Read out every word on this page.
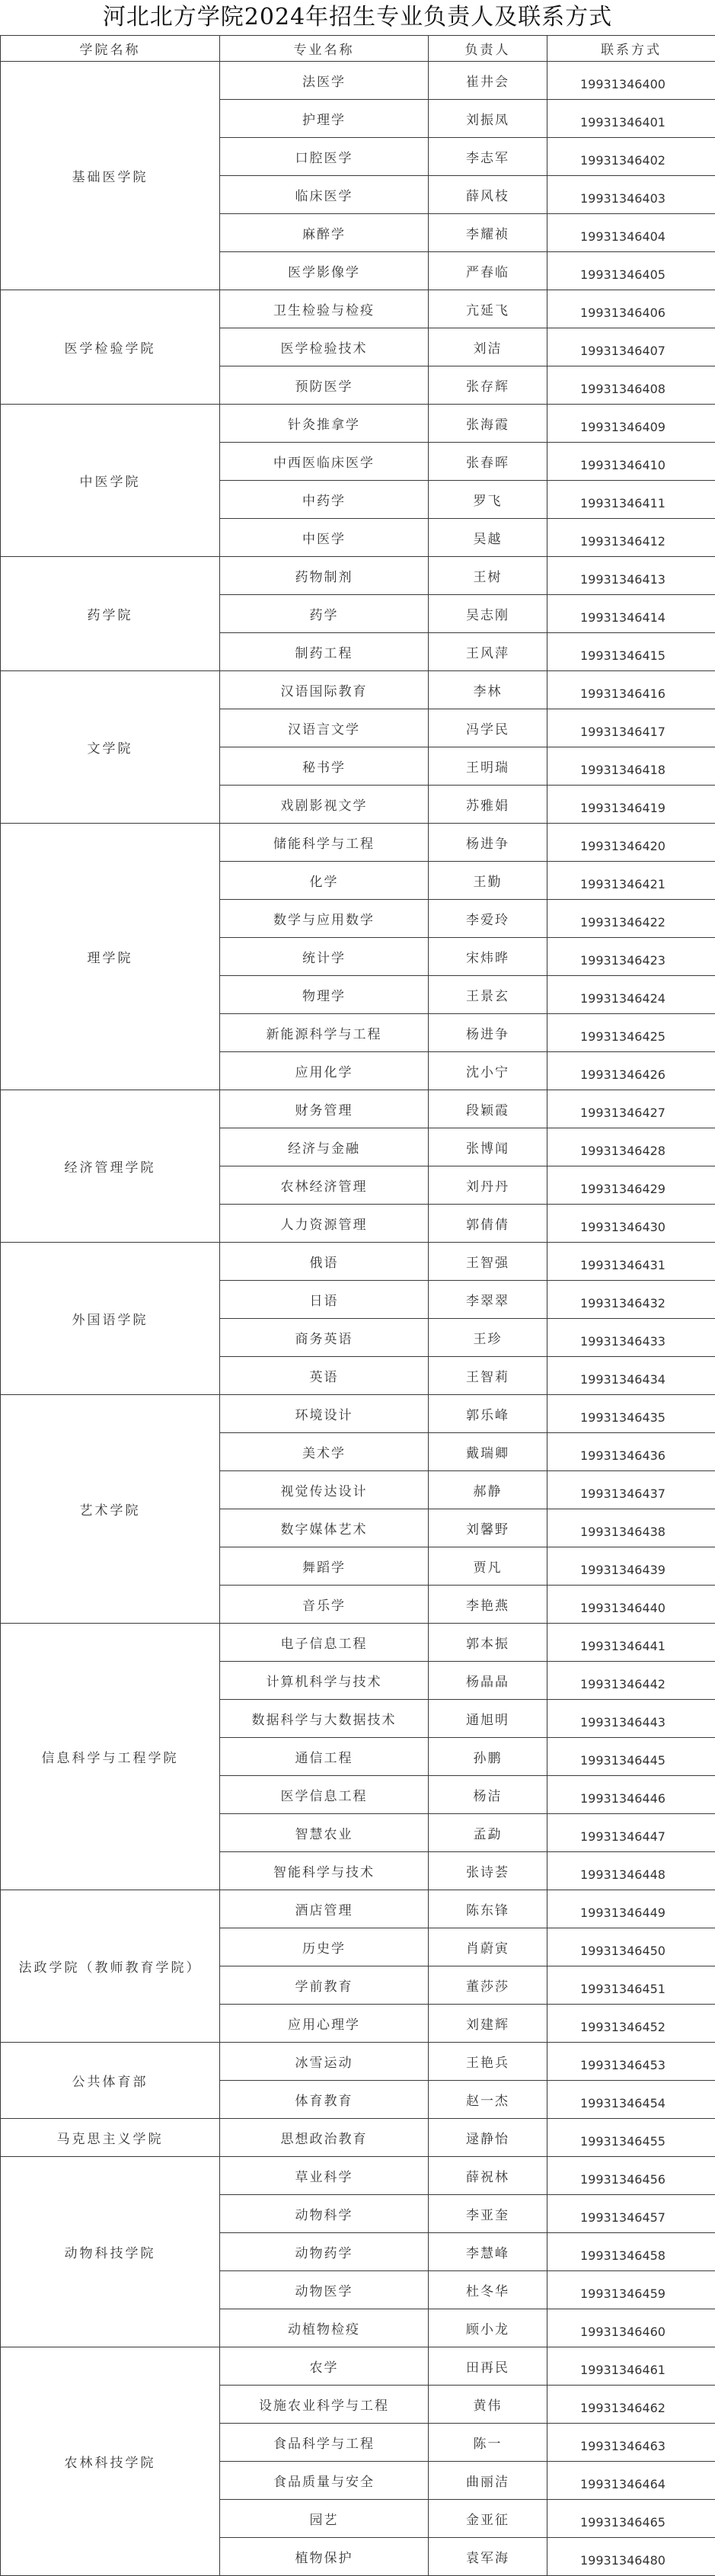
河北北方学院2024年招生专业负责人及联系方式
学院名称	专业名称	负责人	联系方式
基础医学院	法医学	崔井会	19931346400
	护理学	刘振凤	19931346401
	口腔医学	李志军	19931346402
	临床医学	薛风枝	19931346403
	麻醉学	李耀祯	19931346404
	医学影像学	严春临	19931346405
医学检验学院	卫生检验与检疫	亢延飞	19931346406
	医学检验技术	刘洁	19931346407
	预防医学	张存辉	19931346408
中医学院	针灸推拿学	张海霞	19931346409
	中西医临床医学	张春晖	19931346410
	中药学	罗飞	19931346411
	中医学	吴越	19931346412
药学院	药物制剂	王树	19931346413
	药学	吴志刚	19931346414
	制药工程	王风萍	19931346415
文学院	汉语国际教育	李林	19931346416
	汉语言文学	冯学民	19931346417
	秘书学	王明瑞	19931346418
	戏剧影视文学	苏雅娟	19931346419
理学院	储能科学与工程	杨进争	19931346420
	化学	王勤	19931346421
	数学与应用数学	李爱玲	19931346422
	统计学	宋炜晔	19931346423
	物理学	王景玄	19931346424
	新能源科学与工程	杨进争	19931346425
	应用化学	沈小宁	19931346426
经济管理学院	财务管理	段颖霞	19931346427
	经济与金融	张博闻	19931346428
	农林经济管理	刘丹丹	19931346429
	人力资源管理	郭倩倩	19931346430
外国语学院	俄语	王智强	19931346431
	日语	李翠翠	19931346432
	商务英语	王珍	19931346433
	英语	王智莉	19931346434
艺术学院	环境设计	郭乐峰	19931346435
	美术学	戴瑞卿	19931346436
	视觉传达设计	郝静	19931346437
	数字媒体艺术	刘馨野	19931346438
	舞蹈学	贾凡	19931346439
	音乐学	李艳燕	19931346440
信息科学与工程学院	电子信息工程	郭本振	19931346441
	计算机科学与技术	杨晶晶	19931346442
	数据科学与大数据技术	通旭明	19931346443
	通信工程	孙鹏	19931346445
	医学信息工程	杨洁	19931346446
	智慧农业	孟勐	19931346447
	智能科学与技术	张诗荟	19931346448
法政学院（教师教育学院）	酒店管理	陈东锋	19931346449
	历史学	肖蔚寅	19931346450
	学前教育	董莎莎	19931346451
	应用心理学	刘建辉	19931346452
公共体育部	冰雪运动	王艳兵	19931346453
	体育教育	赵一杰	19931346454
马克思主义学院	思想政治教育	逯静怡	19931346455
动物科技学院	草业科学	薛祝林	19931346456
	动物科学	李亚奎	19931346457
	动物药学	李慧峰	19931346458
	动物医学	杜冬华	19931346459
	动植物检疫	顾小龙	19931346460
农林科技学院	农学	田再民	19931346461
	设施农业科学与工程	黄伟	19931346462
	食品科学与工程	陈一	19931346463
	食品质量与安全	曲丽洁	19931346464
	园艺	金亚征	19931346465
	植物保护	袁军海	19931346480
